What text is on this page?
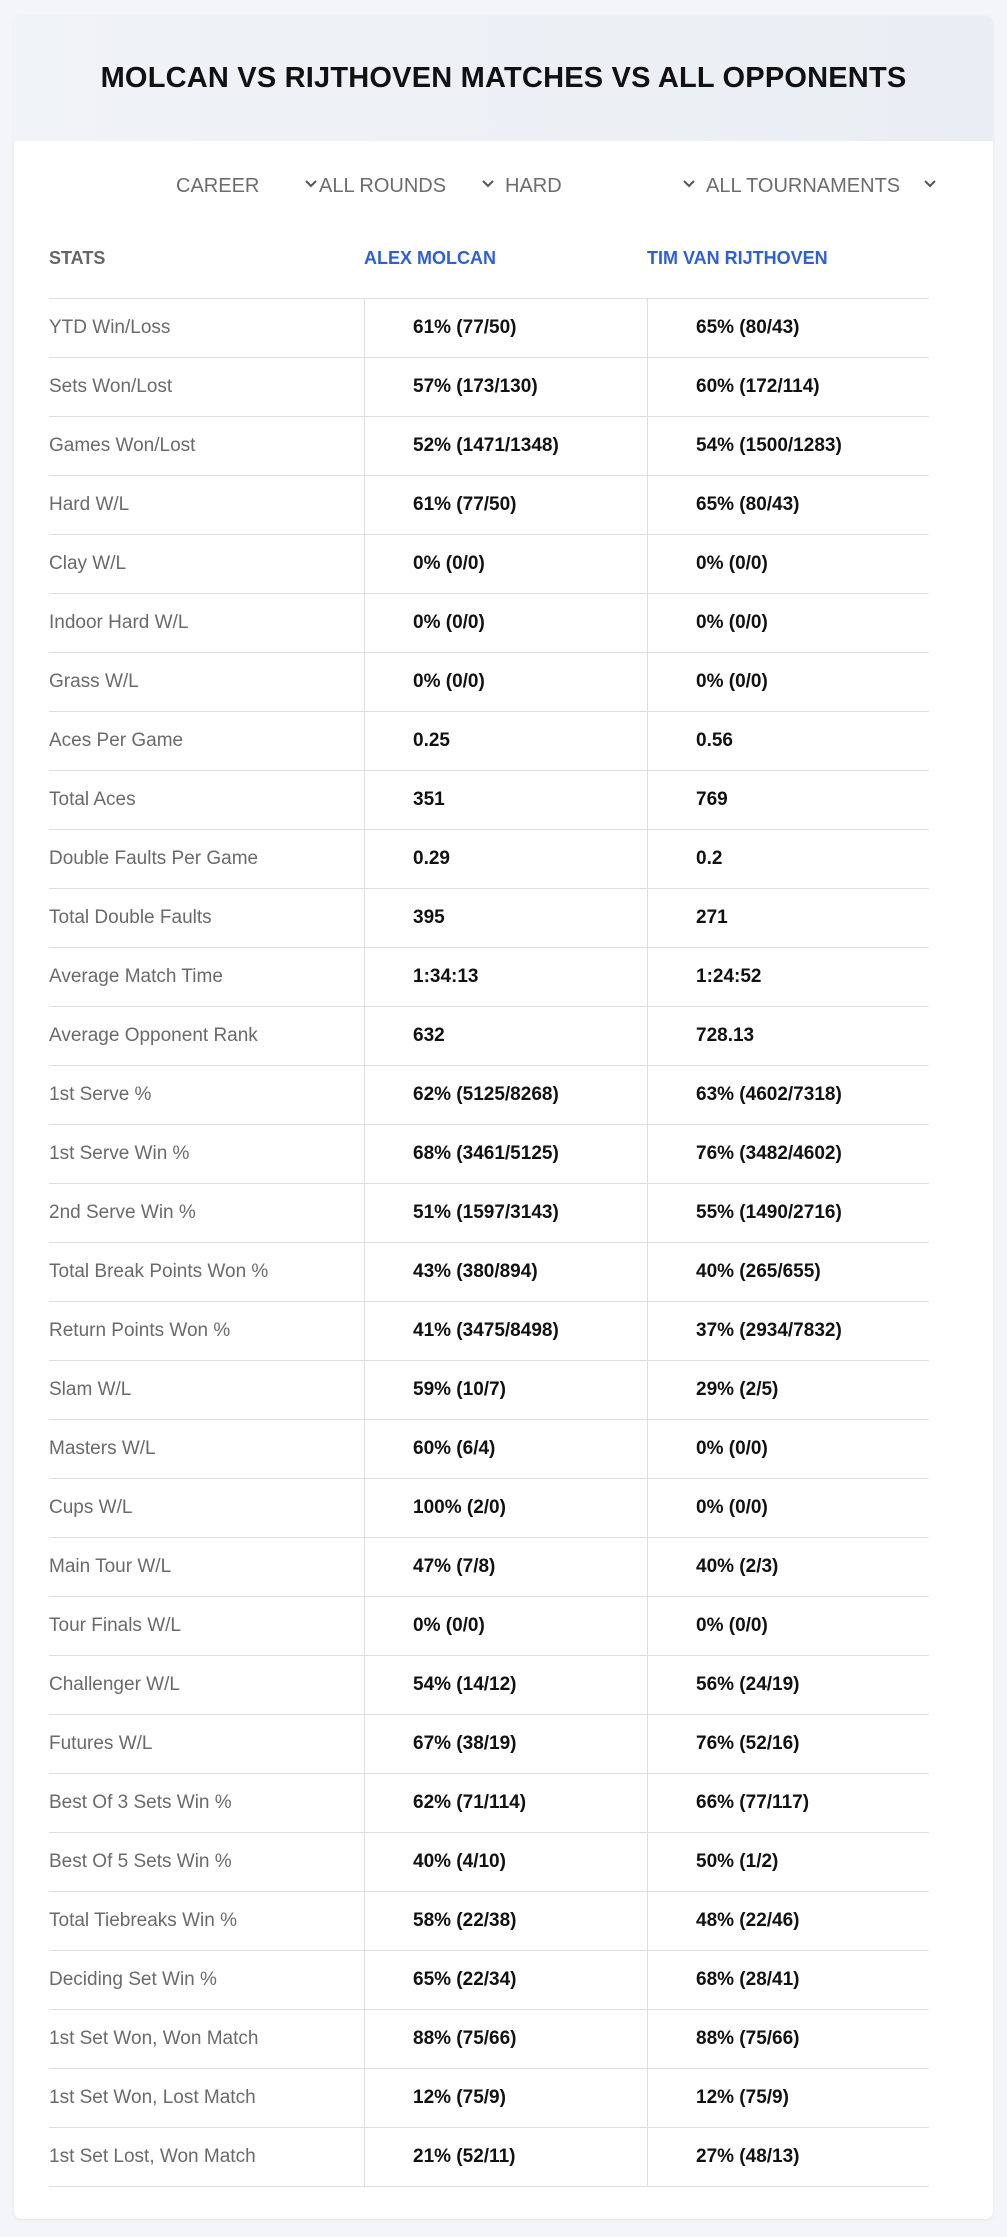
MOLCAN VS RIJTHOVEN MATCHES VS ALL OPPONENTS
CAREER	ALL ROUNDS	HARD	ALL TOURNAMENTS
STATS	ALEX MOLCAN	TIM VAN RIJTHOVEN
YTD Win/Loss	61% (77/50)	65% (80/43)
Sets Won/Lost	57% (173/130)	60% (172/114)
Games Won/Lost	52% (1471/1348)	54% (1500/1283)
Hard W/L	61% (77/50)	65% (80/43)
Clay W/L	0% (0/0)	0% (0/0)
Indoor Hard W/L	0% (0/0)	0% (0/0)
Grass W/L	0% (0/0)	0% (0/0)
Aces Per Game	0.25	0.56
Total Aces	351	769
Double Faults Per Game	0.29	0.2
Total Double Faults	395	271
Average Match Time	1:34:13	1:24:52
Average Opponent Rank	632	728.13
1st Serve %	62% (5125/8268)	63% (4602/7318)
1st Serve Win %	68% (3461/5125)	76% (3482/4602)
2nd Serve Win %	51% (1597/3143)	55% (1490/2716)
Total Break Points Won %	43% (380/894)	40% (265/655)
Return Points Won %	41% (3475/8498)	37% (2934/7832)
Slam W/L	59% (10/7)	29% (2/5)
Masters W/L	60% (6/4)	0% (0/0)
Cups W/L	100% (2/0)	0% (0/0)
Main Tour W/L	47% (7/8)	40% (2/3)
Tour Finals W/L	0% (0/0)	0% (0/0)
Challenger W/L	54% (14/12)	56% (24/19)
Futures W/L	67% (38/19)	76% (52/16)
Best Of 3 Sets Win %	62% (71/114)	66% (77/117)
Best Of 5 Sets Win %	40% (4/10)	50% (1/2)
Total Tiebreaks Win %	58% (22/38)	48% (22/46)
Deciding Set Win %	65% (22/34)	68% (28/41)
1st Set Won, Won Match	88% (75/66)	88% (75/66)
1st Set Won, Lost Match	12% (75/9)	12% (75/9)
1st Set Lost, Won Match	21% (52/11)	27% (48/13)
